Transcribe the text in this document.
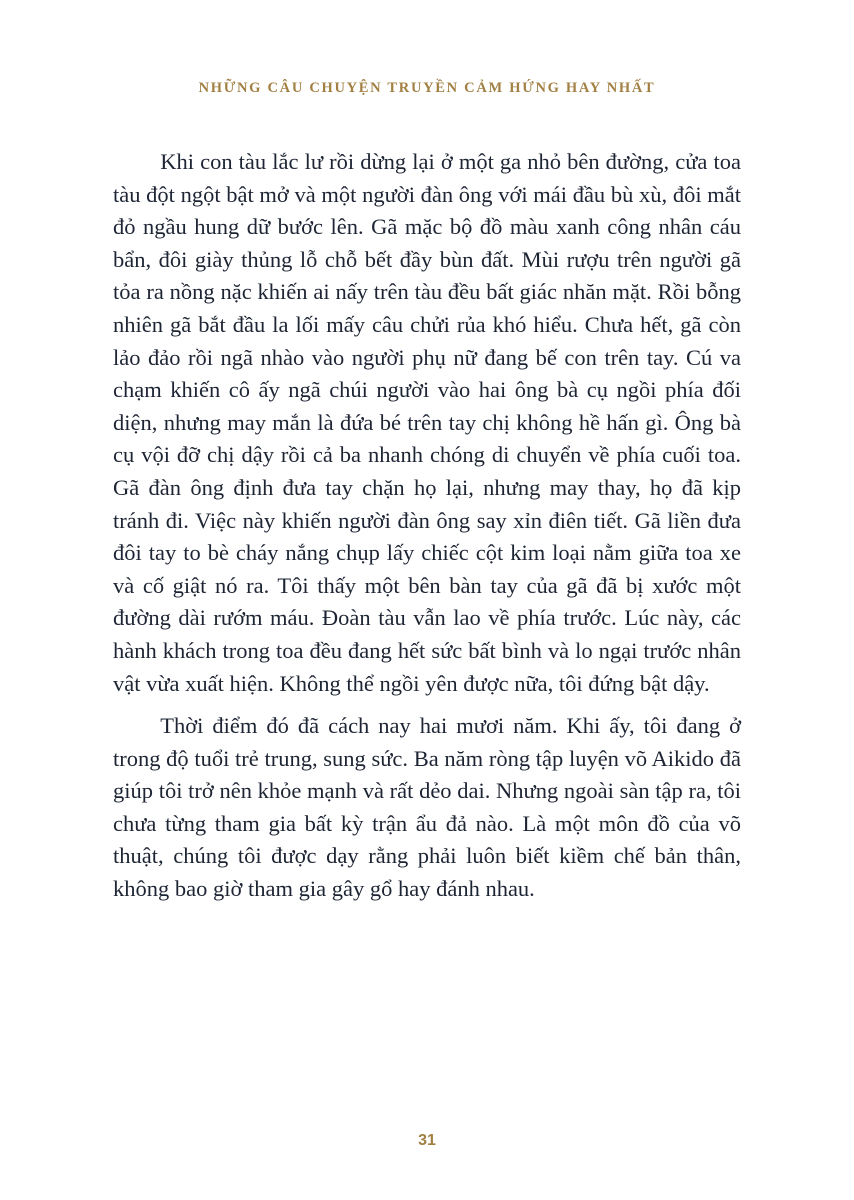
NHỮNG CÂU CHUYỆN TRUYỀN CẢM HỨNG HAY NHẤT

Khi con tàu lắc lư rồi dừng lại ở một ga nhỏ bên đường, cửa toa tàu đột ngột bật mở và một người đàn ông với mái đầu bù xù, đôi mắt đỏ ngầu hung dữ bước lên. Gã mặc bộ đồ màu xanh công nhân cáu bẩn, đôi giày thủng lỗ chỗ bết đầy bùn đất. Mùi rượu trên người gã tỏa ra nồng nặc khiến ai nấy trên tàu đều bất giác nhăn mặt. Rồi bỗng nhiên gã bắt đầu la lối mấy câu chửi rủa khó hiểu. Chưa hết, gã còn lảo đảo rồi ngã nhào vào người phụ nữ đang bế con trên tay. Cú va chạm khiến cô ấy ngã chúi người vào hai ông bà cụ ngồi phía đối diện, nhưng may mắn là đứa bé trên tay chị không hề hấn gì. Ông bà cụ vội đỡ chị dậy rồi cả ba nhanh chóng di chuyển về phía cuối toa. Gã đàn ông định đưa tay chặn họ lại, nhưng may thay, họ đã kịp tránh đi. Việc này khiến người đàn ông say xỉn điên tiết. Gã liền đưa đôi tay to bè cháy nắng chụp lấy chiếc cột kim loại nằm giữa toa xe và cố giật nó ra. Tôi thấy một bên bàn tay của gã đã bị xước một đường dài rướm máu. Đoàn tàu vẫn lao về phía trước. Lúc này, các hành khách trong toa đều đang hết sức bất bình và lo ngại trước nhân vật vừa xuất hiện. Không thể ngồi yên được nữa, tôi đứng bật dậy.

Thời điểm đó đã cách nay hai mươi năm. Khi ấy, tôi đang ở trong độ tuổi trẻ trung, sung sức. Ba năm ròng tập luyện võ Aikido đã giúp tôi trở nên khỏe mạnh và rất dẻo dai. Nhưng ngoài sàn tập ra, tôi chưa từng tham gia bất kỳ trận ẩu đả nào. Là một môn đồ của võ thuật, chúng tôi được dạy rằng phải luôn biết kiềm chế bản thân, không bao giờ tham gia gây gổ hay đánh nhau.

31
